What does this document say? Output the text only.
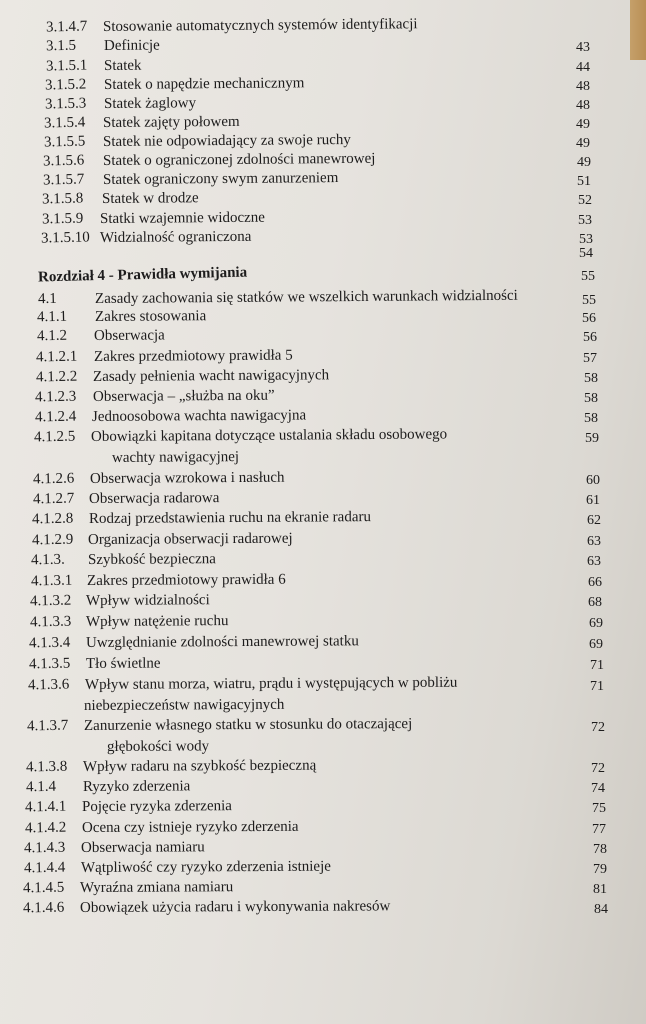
3.1.4.7 Stosowanie automatycznych systemów identyfikacji
3.1.5 Definicje	43
3.1.5.1 Statek	44
3.1.5.2 Statek o napędzie mechanicznym	48
3.1.5.3 Statek żaglowy	48
3.1.5.4 Statek zajęty połowem	49
3.1.5.5 Statek nie odpowiadający za swoje ruchy	49
3.1.5.6 Statek o ograniczonej zdolności manewrowej	49
3.1.5.7 Statek ograniczony swym zanurzeniem	51
3.1.5.8 Statek w drodze	52
3.1.5.9 Statki wzajemnie widoczne	53
3.1.5.10 Widzialność ograniczona	53
54
Rozdział 4 - Prawidła wymijania	55
4.1	Zasady zachowania się statków we wszelkich warunkach widzialności	55
4.1.1 Zakres stosowania	56
4.1.2 Obserwacja	56
4.1.2.1 Zakres przedmiotowy prawidła 5	57
4.1.2.2 Zasady pełnienia wacht nawigacyjnych	58
4.1.2.3 Obserwacja – „służba na oku”	58
4.1.2.4 Jednoosobowa wachta nawigacyjna	58
4.1.2.5 Obowiązki kapitana dotyczące ustalania składu osobowego	59
wachty nawigacyjnej
4.1.2.6 Obserwacja wzrokowa i nasłuch	60
4.1.2.7 Obserwacja radarowa	61
4.1.2.8 Rodzaj przedstawienia ruchu na ekranie radaru	62
4.1.2.9 Organizacja obserwacji radarowej	63
4.1.3. Szybkość bezpieczna	63
4.1.3.1 Zakres przedmiotowy prawidła 6	66
4.1.3.2 Wpływ widzialności	68
4.1.3.3 Wpływ natężenie ruchu	69
4.1.3.4 Uwzględnianie zdolności manewrowej statku	69
4.1.3.5 Tło świetlne	71
4.1.3.6 Wpływ stanu morza, wiatru, prądu i występujących w pobliżu	71
niebezpieczeństw nawigacyjnych
4.1.3.7 Zanurzenie własnego statku w stosunku do otaczającej	72
głębokości wody
4.1.3.8 Wpływ radaru na szybkość bezpieczną	72
4.1.4 Ryzyko zderzenia	74
4.1.4.1 Pojęcie ryzyka zderzenia	75
4.1.4.2 Ocena czy istnieje ryzyko zderzenia	77
4.1.4.3 Obserwacja namiaru	78
4.1.4.4 Wątpliwość czy ryzyko zderzenia istnieje	79
4.1.4.5 Wyraźna zmiana namiaru	81
4.1.4.6 Obowiązek użycia radaru i wykonywania nakresów	84
